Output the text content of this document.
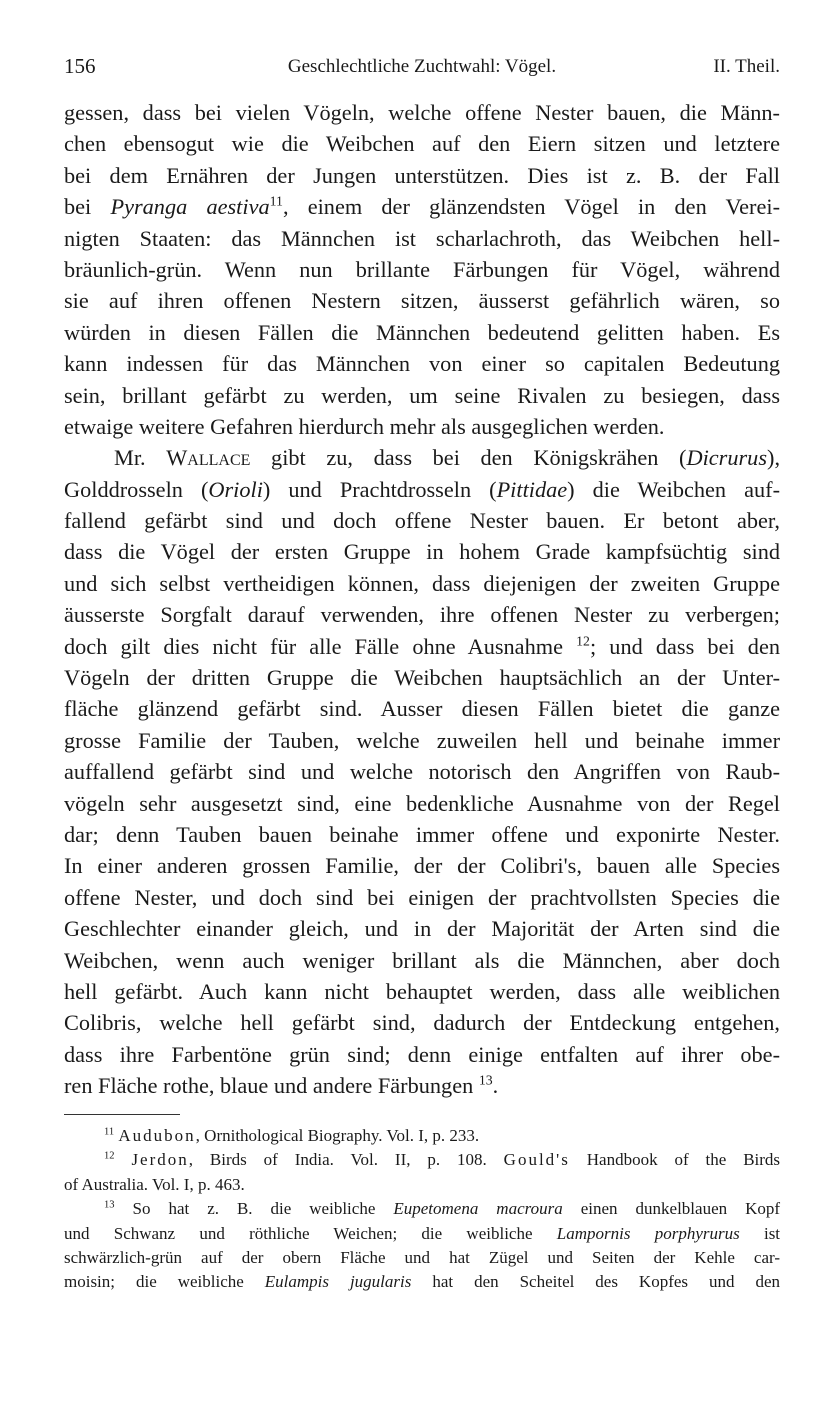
156	Geschlechtliche Zuchtwahl: Vögel.	II. Theil.
gessen, dass bei vielen Vögeln, welche offene Nester bauen, die Männ-
chen ebensogut wie die Weibchen auf den Eiern sitzen und letztere
bei dem Ernähren der Jungen unterstützen. Dies ist z. B. der Fall
bei Pyranga aestiva$^{11}$, einem der glänzendsten Vögel in den Verei-
nigten Staaten: das Männchen ist scharlachroth, das Weibchen hell-
bräunlich-grün. Wenn nun brillante Färbungen für Vögel, während
sie auf ihren offenen Nestern sitzen, äusserst gefährlich wären, so
würden in diesen Fällen die Männchen bedeutend gelitten haben. Es
kann indessen für das Männchen von einer so capitalen Bedeutung
sein, brillant gefärbt zu werden, um seine Rivalen zu besiegen, dass
etwaige weitere Gefahren hierdurch mehr als ausgeglichen werden.
Mr. Wallace gibt zu, dass bei den Königskrähen (Dicrurus),
Golddrosseln (Orioli) und Prachtdrosseln (Pittidae) die Weibchen auf-
fallend gefärbt sind und doch offene Nester bauen. Er betont aber,
dass die Vögel der ersten Gruppe in hohem Grade kampfsüchtig sind
und sich selbst vertheidigen können, dass diejenigen der zweiten Gruppe
äusserste Sorgfalt darauf verwenden, ihre offenen Nester zu verbergen;
doch gilt dies nicht für alle Fälle ohne Ausnahme $^{12}$; und dass bei den
Vögeln der dritten Gruppe die Weibchen hauptsächlich an der Unter-
fläche glänzend gefärbt sind. Ausser diesen Fällen bietet die ganze
grosse Familie der Tauben, welche zuweilen hell und beinahe immer
auffallend gefärbt sind und welche notorisch den Angriffen von Raub-
vögeln sehr ausgesetzt sind, eine bedenkliche Ausnahme von der Regel
dar; denn Tauben bauen beinahe immer offene und exponirte Nester.
In einer anderen grossen Familie, der der Colibri's, bauen alle Species
offene Nester, und doch sind bei einigen der prachtvollsten Species die
Geschlechter einander gleich, und in der Majorität der Arten sind die
Weibchen, wenn auch weniger brillant als die Männchen, aber doch
hell gefärbt. Auch kann nicht behauptet werden, dass alle weiblichen
Colibris, welche hell gefärbt sind, dadurch der Entdeckung entgehen,
dass ihre Farbentöne grün sind; denn einige entfalten auf ihrer obe-
ren Fläche rothe, blaue und andere Färbungen $^{13}$.
$^{11}$ Audubon, Ornithological Biography. Vol. I, p. 233.
$^{12}$ Jerdon, Birds of India. Vol. II, p. 108. Gould's Handbook of the Birds
of Australia. Vol. I, p. 463.
$^{13}$ So hat z. B. die weibliche Eupetomena macroura einen dunkelblauen Kopf
und Schwanz und röthliche Weichen; die weibliche Lampornis porphyrurus ist
schwärzlich-grün auf der obern Fläche und hat Zügel und Seiten der Kehle car-
moisin; die weibliche Eulampis jugularis hat den Scheitel des Kopfes und den
